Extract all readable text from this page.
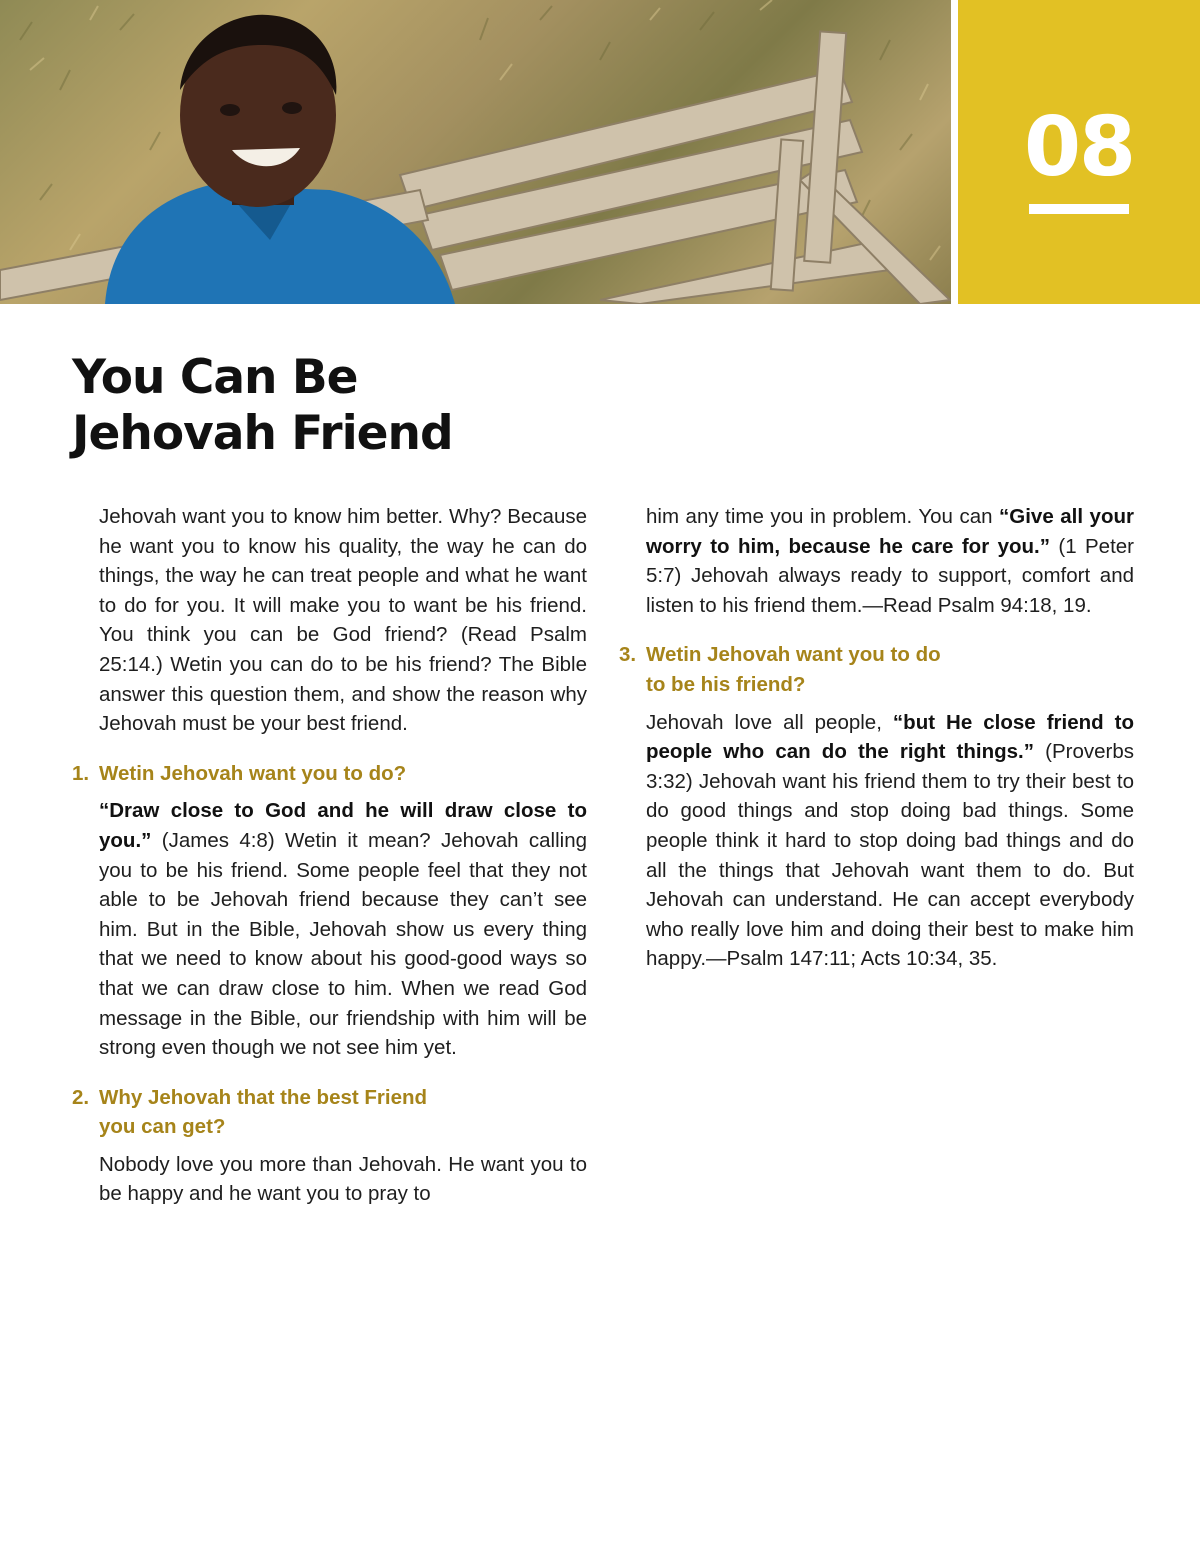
08
You Can Be
Jehovah Friend

Jehovah want you to know him better. Why? Because he want you to know his quality, the way he can do things, the way he can treat people and what he want to do for you. It will make you to want be his friend. You think you can be God friend? (Read Psalm 25:14.) Wetin you can do to be his friend? The Bible answer this question them, and show the reason why Jehovah must be your best friend.

1. Wetin Jehovah want you to do?

“Draw close to God and he will draw close to you.” (James 4:8) Wetin it mean? Jehovah calling you to be his friend. Some people feel that they not able to be Jehovah friend because they can’t see him. But in the Bible, Jehovah show us every thing that we need to know about his good-good ways so that we can draw close to him. When we read God message in the Bible, our friendship with him will be strong even though we not see him yet.

2. Why Jehovah that the best Friend
you can get?

Nobody love you more than Jehovah. He want you to be happy and he want you to pray to

him any time you in problem. You can “Give all your worry to him, because he care for you.” (1 Peter 5:7) Jehovah always ready to support, comfort and listen to his friend them.—Read Psalm 94:18, 19.

3. Wetin Jehovah want you to do
to be his friend?

Jehovah love all people, “but He close friend to people who can do the right things.” (Proverbs 3:32) Jehovah want his friend them to try their best to do good things and stop doing bad things. Some people think it hard to stop doing bad things and do all the things that Jehovah want them to do. But Jehovah can understand. He can accept everybody who really love him and doing their best to make him happy.—Psalm 147:11; Acts 10:34, 35.
